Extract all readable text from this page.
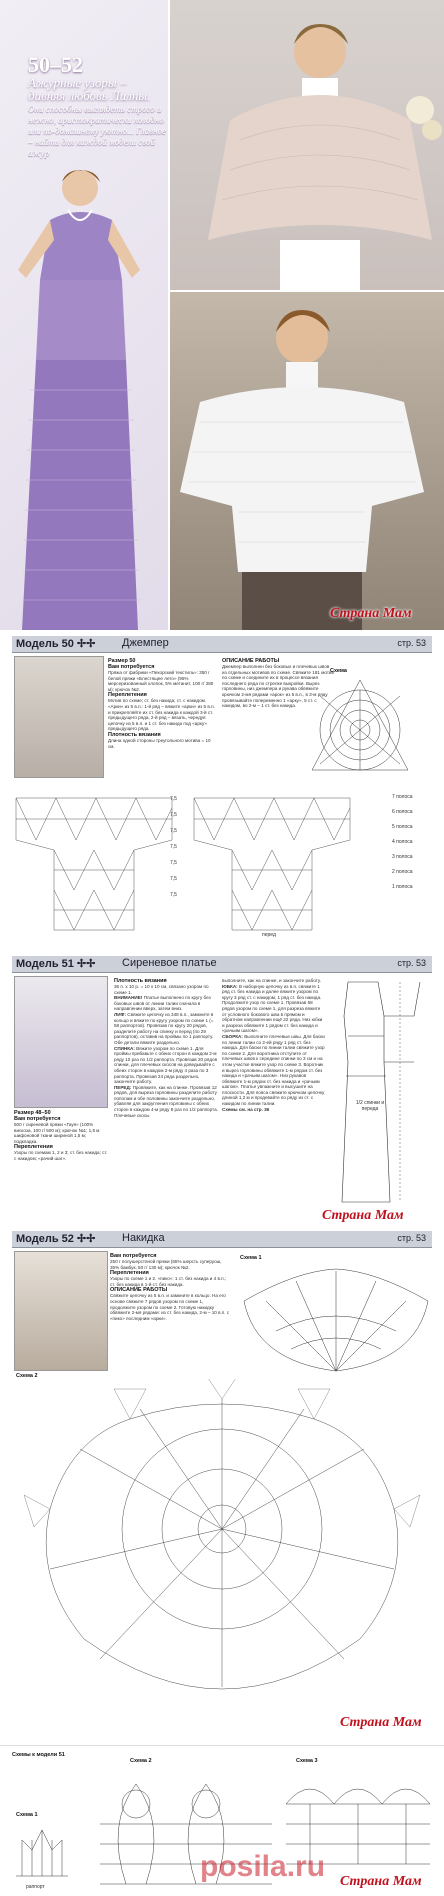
50–52
Ажурные узоры – давняя любовь Лилны.
Они способны выглядеть строго и нежно, аристократически холодно или по-домашнему уютно... Главное – найти для каждой модели свой ажур
Страна Мам
Модель 50 ✢✢ Джемпер	стр. 53
Размер 50
Вам потребуется
Пряжа от фабрики «Пехорский текстиль»: 350 г белой пряжи «Блестящее лето» (95% мерсеризованный хлопок, 5% метанит, 100 г/ 280 м); крючок №2.
Переплетения
Мотив по схеме; ст. без накида; ст. с накидом.
«Арки» из 5 в.п.: 1-й ряд – вяжите «арки» из 5 в.п. и прикрепляйте их ст. без накида к каждой 3-й ст. предыдущего ряда, 2-й ряд – вязать, чередуя цепочку из 5 в.п. и 1 ст. без накида под «арку» предыдущего ряда.
Плотность вязания
Длина одной стороны треугольного мотива = 10 см.
ОПИСАНИЕ РАБОТЫ
Джемпер выполнен без боковых и плечевых швов из отдельных мотивов по схеме. Свяжите 181 мотив по схеме и соедините их в процессе вязания последнего ряда по стрелке выкройки. Вырез горловины, низ джемпера и рукава обвяжите крючком 2-мя рядами «арок» из 5 в.п., в 3-м ряду провязывайте попеременно 1 «арку», 5 ст. с накидом, во 2-м – 1 ст. без накида.
Схема
7,5
7,5
7,5
7,5
7,5
7,5
7,5
перед
7 полоса
6 полоса
5 полоса
4 полоса
3 полоса
2 полоса
1 полоса
Модель 51 ✢✢ Сиреневое платье	стр. 53
Размер 48–50
Вам потребуется
500 г сиреневой пряжи «Гауя» (100% вискоза, 100 г/ 500 м); крючок №1; 1,5 м шифоновой ткани шириной 1,5 м; подкладка.
Переплетения
Узоры по схемам 1, 2 и 3; ст. без накида; ст. с накидом; «рачий шаг».
Плотность вязания
36 п. x 10 р. = 10 x 10 см, связано узором по схеме 1.
ВНИМАНИЕ! Платье выполнено по кругу без боковых швов от линии талии сначала в направлении вверх, затем вниз.
ЛИФ: Свяжите цепочку из 348 в.п., замкните в кольцо и вяжите по кругу узором по схеме 1 (= 58 раппортов). Провязав по кругу 20 рядов, разделите работу на спинку и перед (по 29 раппортов), оставив на проймы по 1 раппорту. Обе детали вяжите раздельно.
СПИНКА: Вяжите узором по схеме 1. Для проймы прибавьте с обеих сторон в каждом 2-м ряду 10 раз по 1/2 раппорта. Провязав 20 рядов спинки, для плечевых скосов на доведьвайте с обеих сторон в каждом 2-м ряду 4 раза по 3 раппорта. Провязав 24 ряда раздельно, закончите работу.
ПЕРЕД: Провяжите, как на спинке. Провязав 12 рядов, для выреза горловины разделите работу пополам и обе половины закончите раздельно, убавляя для закругления горловины с обеих сторон в каждом 4-м ряду 8 раз по 1/2 раппорта. Плечевые скосы
выполните, как на спинке, и закончите работу.
ЮБКА: В наборную цепочку из в.п. свяжите 1 ряд ст. без накида и далее вяжите узором по кругу 3 ряд ст. с накидом, 1 ряд ст. без накида. Продолжите узор по схеме 1. Провязав 58 рядов узором по схеме 1, для разреза вяжите от условного бокового шва в прямом и обратном направлении ещё 22 ряда. Низ юбки и разреза обвяжите 1 рядом ст. без накида и «рачьим шагом».
СБОРКА: Выполните плечевые швы. Для баски по линии талии со 2-ей ряду 1 ряд ст. без накида. Для баски по линии талии свяжите узор по схеме 2. Для воротника отступите от плечевых швов к середине спинки по 3 см и на этом участке вяжите узор по схеме 3. Воротник и вырез горловины обвяжите 1-м рядом ст. без накида и «рачьим шагом». Низ рукавов обвяжите 1-м рядом ст. без накида и «рачьим шагом». Платье увлажните и высушите на плоскости. Для пояса свяжите крючком цепочку длиной 1,2 м и продевайте по ряду из ст. с накидом по линии талии.
Схемы см. на стр. 36
1/2 спинки и переда
Страна Мам
Модель 52 ✢✢ Накидка	стр. 53
Вам потребуется
250 г полушерстяной пряжи (65% шерсть суперуош, 35% бамбук, 50 г/ 130 м); крючок №2.
Переплетения
Узоры по схеме 1 и 2. «пико»: 1 ст. без накида и 4 в.п.; ст. без накида в 1-й ст. без накида.
ОПИСАНИЕ РАБОТЫ
Свяжите цепочку из 5 в.п. и замкните в кольцо. На его основе свяжите 7 рядов узором по схеме 1, продолжите узором по схеме 2. Готовую накидку обвяжите 2-мя рядами: из ст. без накида, 2-м – 10 в.п. с «пико» последним «арки».
Схема 1
Схема 2
Страна Мам
Схемы к модели 51
Схема 1
раппорт
Схема 2	Схема 3
posila.ru Страна Мам
